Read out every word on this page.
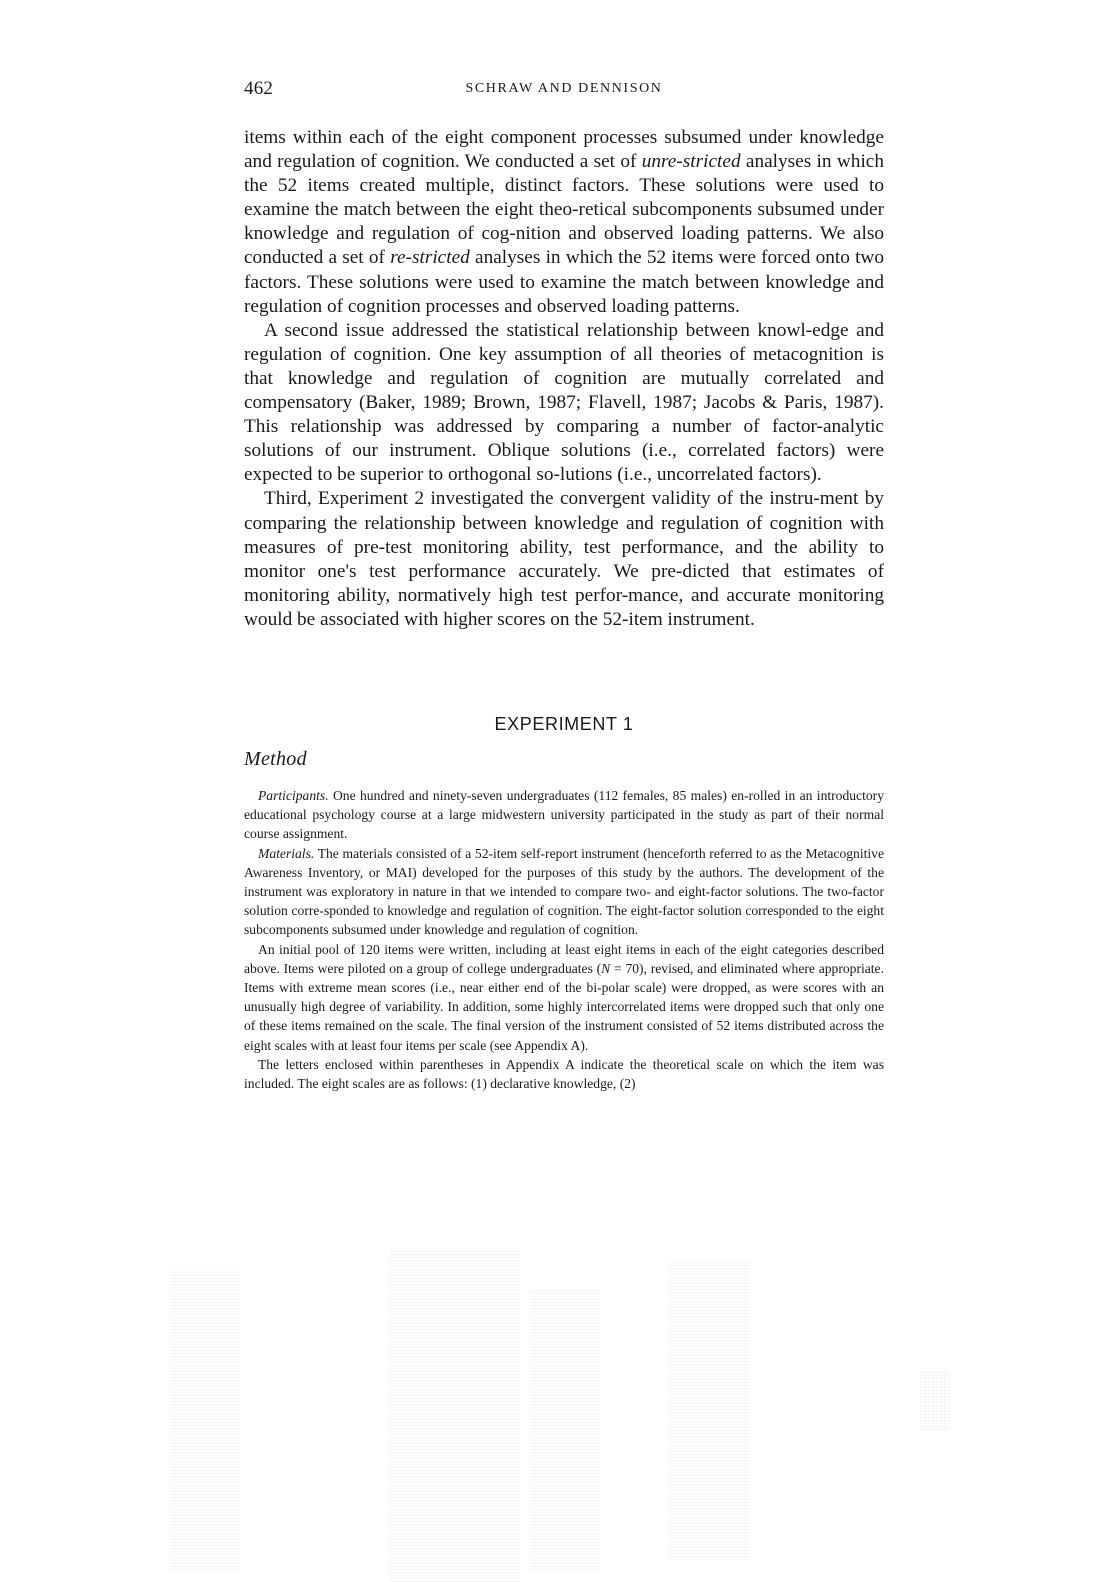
462	SCHRAW AND DENNISON

items within each of the eight component processes subsumed under knowledge and regulation of cognition. We conducted a set of unre-stricted analyses in which the 52 items created multiple, distinct factors. These solutions were used to examine the match between the eight theo-retical subcomponents subsumed under knowledge and regulation of cog-nition and observed loading patterns. We also conducted a set of re-stricted analyses in which the 52 items were forced onto two factors. These solutions were used to examine the match between knowledge and regulation of cognition processes and observed loading patterns.

A second issue addressed the statistical relationship between knowl-edge and regulation of cognition. One key assumption of all theories of metacognition is that knowledge and regulation of cognition are mutually correlated and compensatory (Baker, 1989; Brown, 1987; Flavell, 1987; Jacobs & Paris, 1987). This relationship was addressed by comparing a number of factor-analytic solutions of our instrument. Oblique solutions (i.e., correlated factors) were expected to be superior to orthogonal so-lutions (i.e., uncorrelated factors).

Third, Experiment 2 investigated the convergent validity of the instru-ment by comparing the relationship between knowledge and regulation of cognition with measures of pre-test monitoring ability, test performance, and the ability to monitor one's test performance accurately. We pre-dicted that estimates of monitoring ability, normatively high test perfor-mance, and accurate monitoring would be associated with higher scores on the 52-item instrument.

EXPERIMENT 1
Method

Participants. One hundred and ninety-seven undergraduates (112 females, 85 males) en-rolled in an introductory educational psychology course at a large midwestern university participated in the study as part of their normal course assignment.

Materials. The materials consisted of a 52-item self-report instrument (henceforth referred to as the Metacognitive Awareness Inventory, or MAI) developed for the purposes of this study by the authors. The development of the instrument was exploratory in nature in that we intended to compare two- and eight-factor solutions. The two-factor solution corre-sponded to knowledge and regulation of cognition. The eight-factor solution corresponded to the eight subcomponents subsumed under knowledge and regulation of cognition.

An initial pool of 120 items were written, including at least eight items in each of the eight categories described above. Items were piloted on a group of college undergraduates (N = 70), revised, and eliminated where appropriate. Items with extreme mean scores (i.e., near either end of the bi-polar scale) were dropped, as were scores with an unusually high degree of variability. In addition, some highly intercorrelated items were dropped such that only one of these items remained on the scale. The final version of the instrument consisted of 52 items distributed across the eight scales with at least four items per scale (see Appendix A).

The letters enclosed within parentheses in Appendix A indicate the theoretical scale on which the item was included. The eight scales are as follows: (1) declarative knowledge, (2)
